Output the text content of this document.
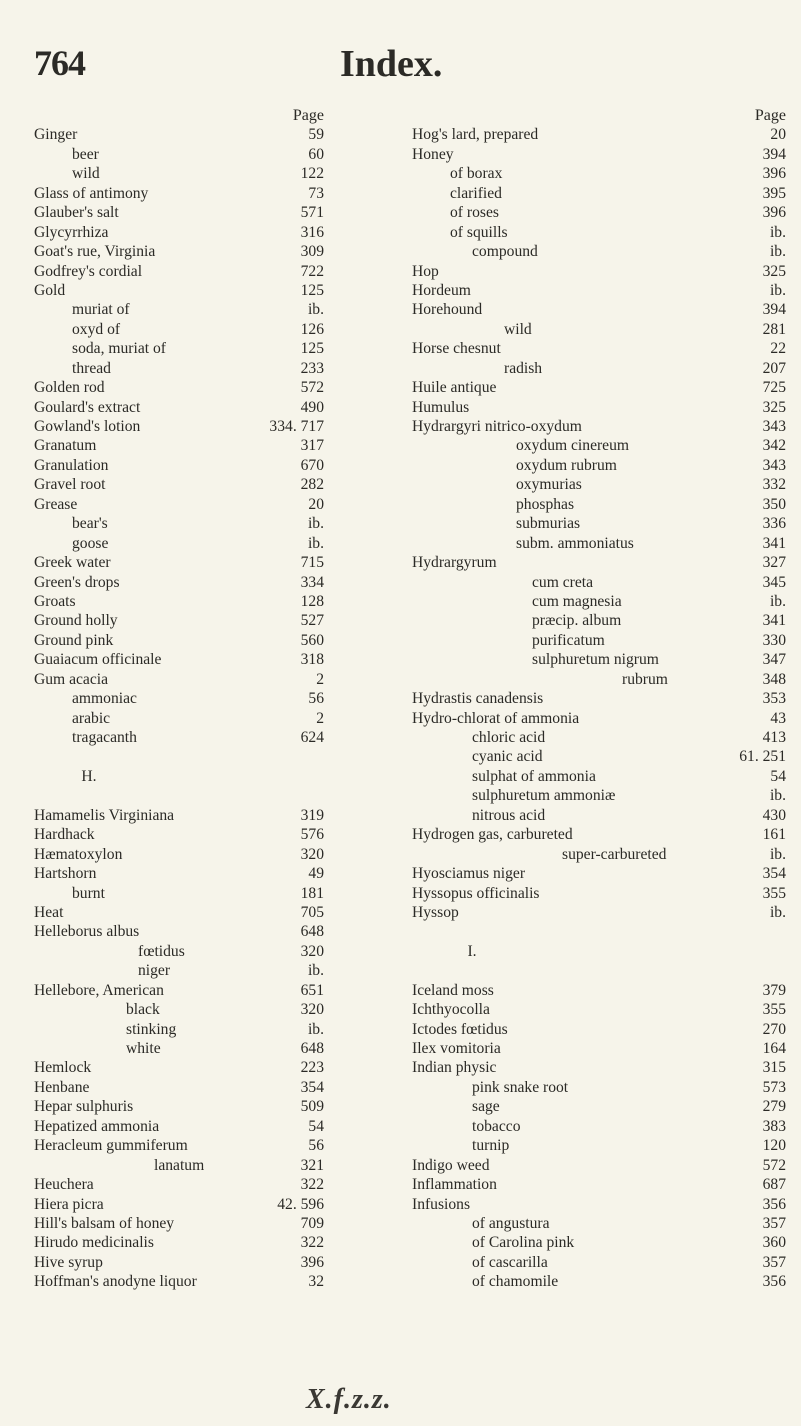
764	Index.
Page
Ginger	59
beer	60
wild	122
Glass of antimony	73
Glauber's salt	571
Glycyrrhiza	316
Goat's rue, Virginia	309
Godfrey's cordial	722
Gold	125
muriat of	ib.
oxyd of	126
soda, muriat of	125
thread	233
Golden rod	572
Goulard's extract	490
Gowland's lotion	334. 717
Granatum	317
Granulation	670
Gravel root	282
Grease	20
bear's	ib.
goose	ib.
Greek water	715
Green's drops	334
Groats	128
Ground holly	527
Ground pink	560
Guaiacum officinale	318
Gum acacia	2
ammoniac	56
arabic	2
tragacanth	624
H.
Hamamelis Virginiana	319
Hardhack	576
Hæmatoxylon	320
Hartshorn	49
burnt	181
Heat	705
Helleborus albus	648
fœtidus	320
niger	ib.
Hellebore, American	651
black	320
stinking	ib.
white	648
Hemlock	223
Henbane	354
Hepar sulphuris	509
Hepatized ammonia	54
Heracleum gummiferum	56
lanatum	321
Heuchera	322
Hiera picra	42. 596
Hill's balsam of honey	709
Hirudo medicinalis	322
Hive syrup	396
Hoffman's anodyne liquor	32
Page
Hog's lard, prepared	20
Honey	394
of borax	396
clarified	395
of roses	396
of squills	ib.
compound	ib.
Hop	325
Hordeum	ib.
Horehound	394
wild	281
Horse chesnut	22
radish	207
Huile antique	725
Humulus	325
Hydrargyri nitrico-oxydum	343
oxydum cinereum	342
oxydum rubrum	343
oxymurias	332
phosphas	350
submurias	336
subm. ammoniatus	341
Hydrargyrum	327
cum creta	345
cum magnesia	ib.
præcip. album	341
purificatum	330
sulphuretum nigrum	347
rubrum	348
Hydrastis canadensis	353
Hydro-chlorat of ammonia	43
chloric acid	413
cyanic acid	61. 251
sulphat of ammonia	54
sulphuretum ammoniæ	ib.
nitrous acid	430
Hydrogen gas, carbureted	161
super-carbureted	ib.
Hyosciamus niger	354
Hyssopus officinalis	355
Hyssop	ib.
I.
Iceland moss	379
Ichthyocolla	355
Ictodes fœtidus	270
Ilex vomitoria	164
Indian physic	315
pink snake root	573
sage	279
tobacco	383
turnip	120
Indigo weed	572
Inflammation	687
Infusions	356
of angustura	357
of Carolina pink	360
of cascarilla	357
of chamomile	356
X.f.z.z.
